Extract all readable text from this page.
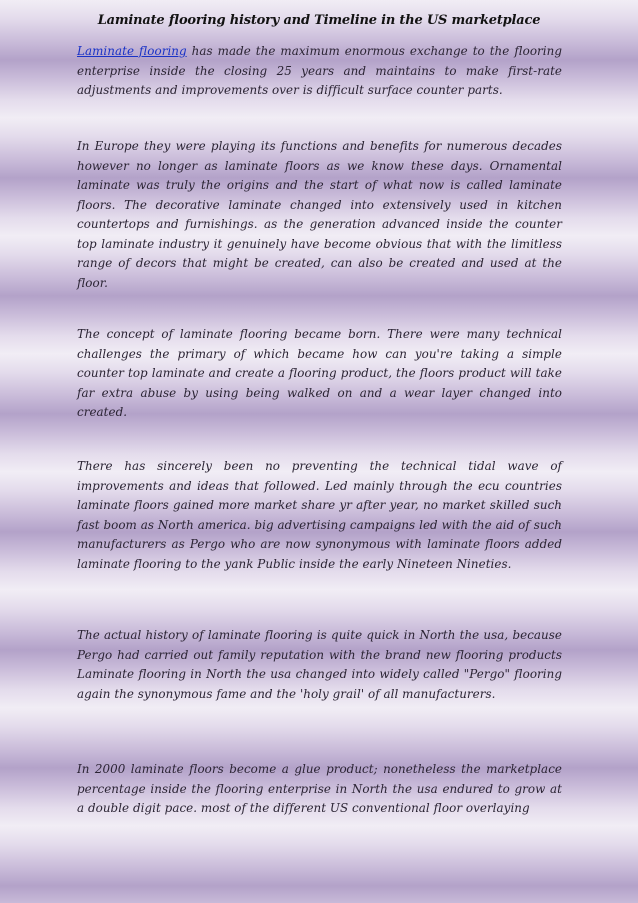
Laminate flooring history and Timeline in the US marketplace

Laminate flooring has made the maximum enormous exchange to the flooring enterprise inside the closing 25 years and maintains to make first-rate adjustments and improvements over is difficult surface counter parts.

In Europe they were playing its functions and benefits for numerous decades however no longer as laminate floors as we know these days. Ornamental laminate was truly the origins and the start of what now is called laminate floors. The decorative laminate changed into extensively used in kitchen countertops and furnishings. as the generation advanced inside the counter top laminate industry it genuinely have become obvious that with the limitless range of decors that might be created, can also be created and used at the floor.

The concept of laminate flooring became born. There were many technical challenges the primary of which became how can you're taking a simple counter top laminate and create a flooring product, the floors product will take far extra abuse by using being walked on and a wear layer changed into created.

There has sincerely been no preventing the technical tidal wave of improvements and ideas that followed. Led mainly through the ecu countries laminate floors gained more market share yr after year, no market skilled such fast boom as North america. big advertising campaigns led with the aid of such manufacturers as Pergo who are now synonymous with laminate floors added laminate flooring to the yank Public inside the early Nineteen Nineties.

The actual history of laminate flooring is quite quick in North the usa, because Pergo had carried out family reputation with the brand new flooring products Laminate flooring in North the usa changed into widely called "Pergo" flooring again the synonymous fame and the 'holy grail' of all manufacturers.

In 2000 laminate floors become a glue product; nonetheless the marketplace percentage inside the flooring enterprise in North the usa endured to grow at a double digit pace. most of the different US conventional floor overlaying
